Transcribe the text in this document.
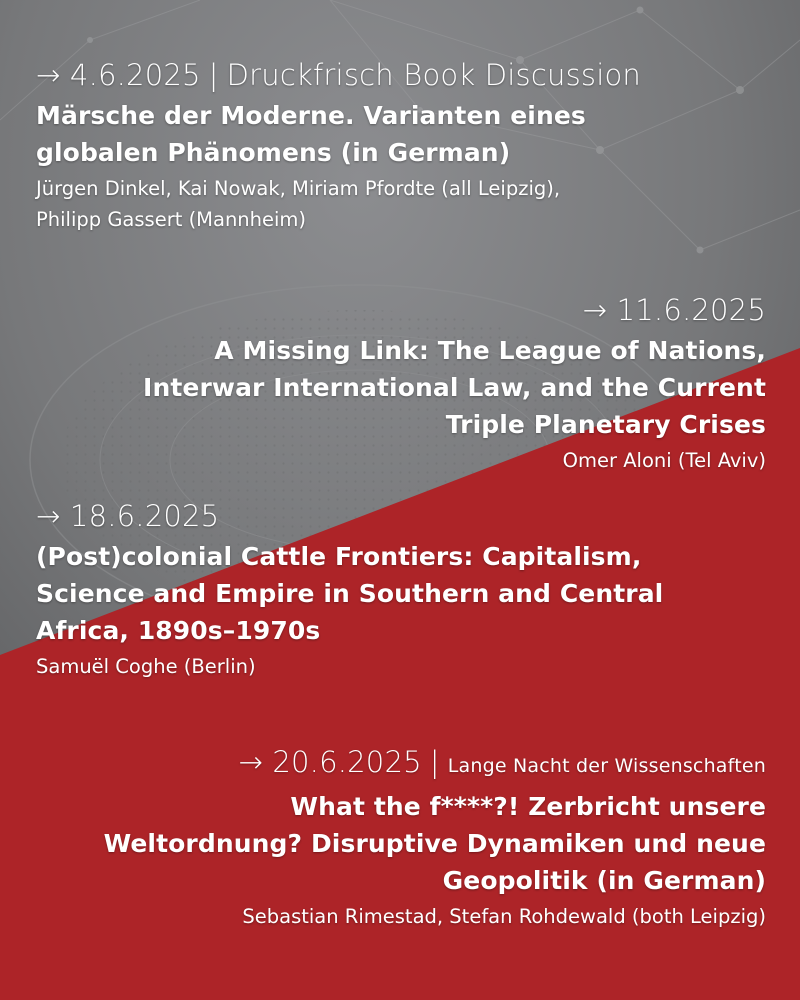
→ 4.6.2025 | Druckfrisch Book Discussion
Märsche der Moderne. Varianten eines
globalen Phänomens (in German)
Jürgen Dinkel, Kai Nowak, Miriam Pfordte (all Leipzig),
Philipp Gassert (Mannheim)
→ 11.6.2025
A Missing Link: The League of Nations,
Interwar International Law, and the Current
Triple Planetary Crises
Omer Aloni (Tel Aviv)
→ 18.6.2025
(Post)colonial Cattle Frontiers: Capitalism,
Science and Empire in Southern and Central
Africa, 1890s–1970s
Samuël Coghe (Berlin)
→ 20.6.2025 | Lange Nacht der Wissenschaften
What the f****?! Zerbricht unsere
Weltordnung? Disruptive Dynamiken und neue
Geopolitik (in German)
Sebastian Rimestad, Stefan Rohdewald (both Leipzig)
